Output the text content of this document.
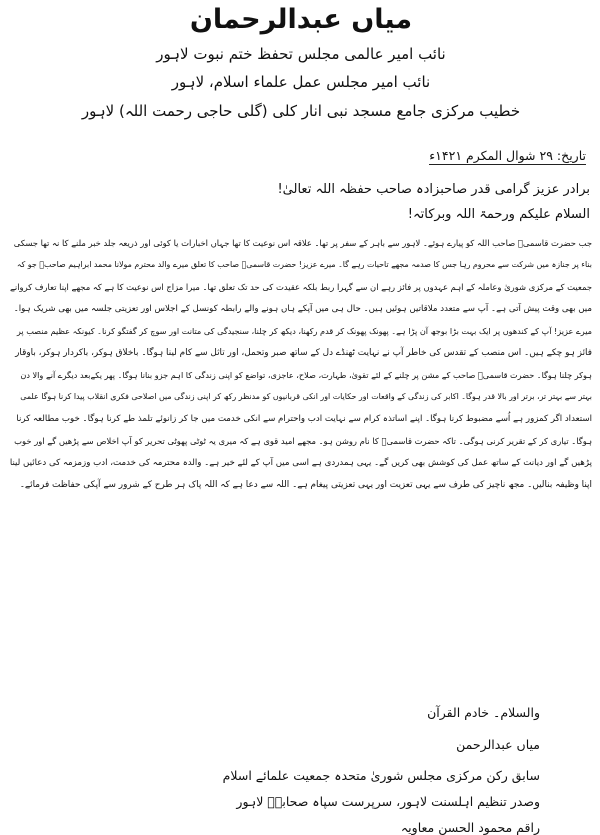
میاں عبدالرحمان
نائب امیر عالمی مجلس تحفظ ختم نبوت لاہور
نائب امیر مجلس عمل علماء اسلام، لاہور
خطیب مرکزی جامع مسجد نبی انار کلی (گلی حاجی رحمت اللہ) لاہور
تاریخ: ۲۹ شوال المکرم ۱۴۲۱ء
برادر عزیز گرامی قدر صاحبزادہ صاحب حفظہ اللہ تعالیٰ!
السلام علیکم ورحمۃ اللہ وبرکاتہ!
جب حضرت قاسمیؒ صاحب اللہ کو پیارے ہوئے۔ لاہور سے باہر کے سفر پر تھا۔ علاقہ اس نوعیت کا تھا جہاں اخبارات یا کوئی اور ذریعہ جلد خبر ملنے کا نہ تھا جسکی
بناء پر جنازہ میں شرکت سے محروم رہا جس کا صدمہ مجھے تاحیات رہے گا۔ میرے عزیز! حضرت قاسمیؒ صاحب کا تعلق میرے والد محترم مولانا محمد ابراہیم صاحبؒ جو کہ
جمعیت کے مرکزی شوریٰ وعاملہ کے اہم عہدوں پر فائز رہے ان سے گہرا ربط بلکہ عقیدت کی حد تک تعلق تھا۔ میرا مزاج اس نوعیت کا ہے کہ مجھے اپنا تعارف کروانے
میں بھی وقت پیش آتی ہے۔ آپ سے متعدد ملاقاتیں ہوئیں ہیں۔ حال ہی میں آپکے ہاں ہونے والے رابطہ کونسل کے اجلاس اور تعزیتی جلسہ میں بھی شریک ہوا۔
میرے عزیز! آپ کے کندھوں پر ایک بہت بڑا بوجھ آن پڑا ہے۔ پھونک پھونک کر قدم رکھنا، دیکھ کر چلنا، سنجیدگی کی متانت اور سوچ کر گفتگو کرنا۔ کیونکہ عظیم منصب پر
فائز ہو چکے ہیں۔ اس منصب کے تقدس کی خاطر آپ نے نہایت ٹھنڈے دل کے ساتھ صبر وتحمل، اور تاثل سے کام لینا ہوگا۔ باخلاق ہوکر، باکردار ہوکر، باوقار
ہوکر چلنا ہوگا۔ حضرت قاسمیؒ صاحب کے مشن پر چلنے کے لئے تقویٰ، طہارت، صلاح، عاجزی، تواضع کو اپنی زندگی کا اہم جزو بنانا ہوگا۔ پھر یکےبعد دیگرے آنے والا دن
بہتر سے بہتر تر، برتر اور بالا قدر ہوگا۔ اکابر کی زندگی کے واقعات اور حکایات اور انکی قربانیوں کو مدنظر رکھ کر اپنی زندگی میں اصلاحی فکری انقلاب پیدا کرنا ہوگا علمی
استعداد اگر کمزور ہے اُسے مضبوط کرنا ہوگا۔ اپنے اساتذہ کرام سے نہایت ادب واحترام سے انکی خدمت میں جا کر زانوئے تلمذ طے کرنا ہوگا۔ خوب مطالعہ کرنا
ہوگا۔ تیاری کر کے تقریر کرنی ہوگی۔ تاکہ حضرت قاسمیؒ کا نام روشن ہو۔ مجھے امید قوی ہے کہ میری یہ ٹوٹی پھوٹی تحریر کو آپ اخلاص سے پڑھیں گے اور خوب
پڑھیں گے اور دیانت کے ساتھ عمل کی کوشش بھی کریں گے۔ یہی ہمدردی ہے اسی میں آپ کے لئے خیر ہے۔ والدہ محترمہ کی خدمت، ادب وزمزمہ کی دعائیں لینا
اپنا وظیفہ بنالیں۔ مجھ ناچیز کی طرف سے یہی تعزیت اور یہی تعزیتی پیغام ہے۔ اللہ سے دعا ہے کہ اللہ پاک ہر طرح کے شرور سے آپکی حفاظت فرمائے۔
والسلام۔ خادم القرآن
میاں عبدالرحمن
سابق رکن مرکزی مجلس شوریٰ متحدہ جمعیت علمائے اسلام
وصدر تنظیم اہلسنت لاہور، سرپرست سپاہ صحابہؓ لاہور
راقم محمود الحسن معاویہ
